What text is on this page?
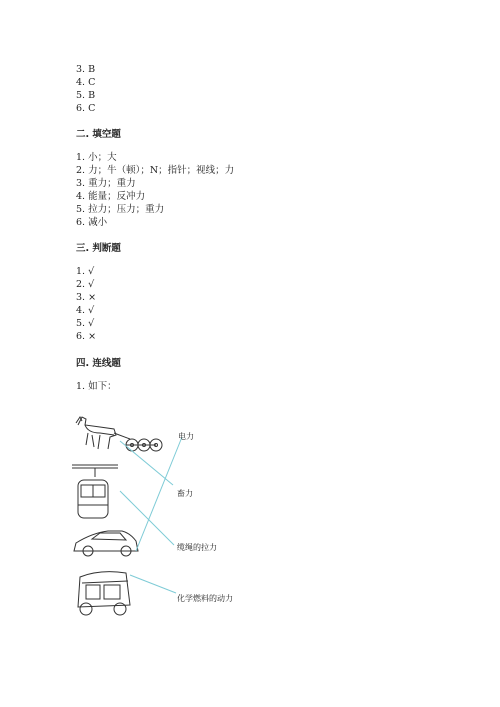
3. B
4. C
5. B
6. C
二. 填空题
1. 小；大
2. 力；牛（顿）；N；指针；视线；力
3. 重力；重力
4. 能量；反冲力
5. 拉力；压力；重力
6. 减小
三. 判断题
1. √
2. √
3. ×
4. √
5. √
6. ×
四. 连线题
1. 如下：
电力
畜力
缆绳的拉力
化学燃料的动力
